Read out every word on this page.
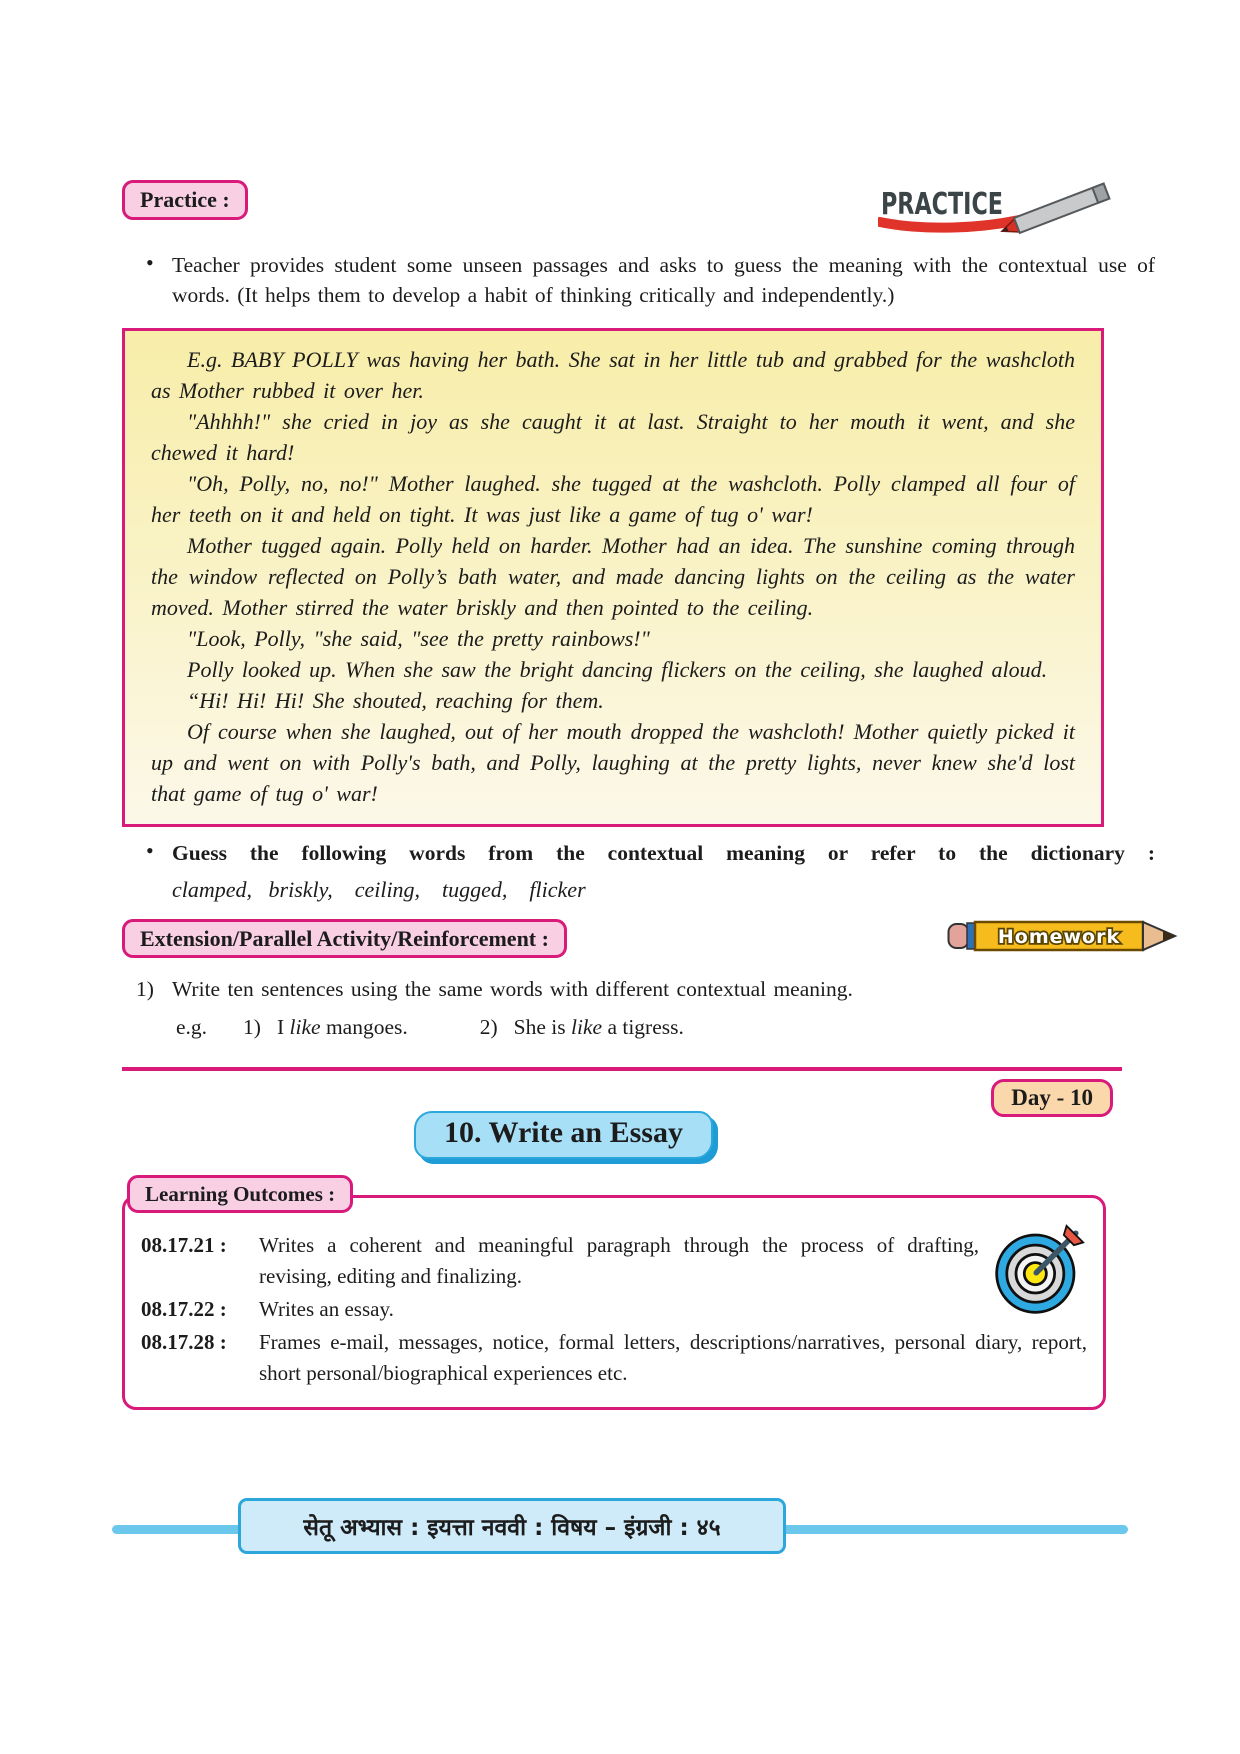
Practice :	PRACTICE
• Teacher provides student some unseen passages and asks to guess the meaning with the contextual use of words. (It helps them to develop a habit of thinking critically and independently.)

E.g. BABY POLLY was having her bath. She sat in her little tub and grabbed for the washcloth as Mother rubbed it over her.

"Ahhhh!" she cried in joy as she caught it at last. Straight to her mouth it went, and she chewed it hard!

"Oh, Polly, no, no!" Mother laughed. she tugged at the washcloth. Polly clamped all four of her teeth on it and held on tight. It was just like a game of tug o' war!

Mother tugged again. Polly held on harder. Mother had an idea. The sunshine coming through the window reflected on Polly’s bath water, and made dancing lights on the ceiling as the water moved. Mother stirred the water briskly and then pointed to the ceiling.

"Look, Polly, "she said, "see the pretty rainbows!"

Polly looked up. When she saw the bright dancing flickers on the ceiling, she laughed aloud.

“Hi! Hi! Hi! She shouted, reaching for them.

Of course when she laughed, out of her mouth dropped the washcloth! Mother quietly picked it up and went on with Polly's bath, and Polly, laughing at the pretty lights, never knew she'd lost that game of tug o' war!

• Guess the following words from the contextual meaning or refer to the dictionary :

clamped,   briskly,    ceiling,    tugged,    flicker

Extension/Parallel Activity/Reinforcement :	Homework
1) Write ten sentences using the same words with different contextual meaning.

e.g. 1) I like mangoes.	2) She is like a tigress.
Day - 10
10. Write an Essay
Learning Outcomes :

08.17.21 : Writes a coherent and meaningful paragraph through the process of drafting, revising, editing and finalizing.

08.17.22 : Writes an essay.

08.17.28 : Frames e-mail, messages, notice, formal letters, descriptions/narratives, personal diary, report, short personal/biographical experiences etc.

सेतू अभ्यास : इयत्ता नववी : विषय – इंग्रजी : ४५
